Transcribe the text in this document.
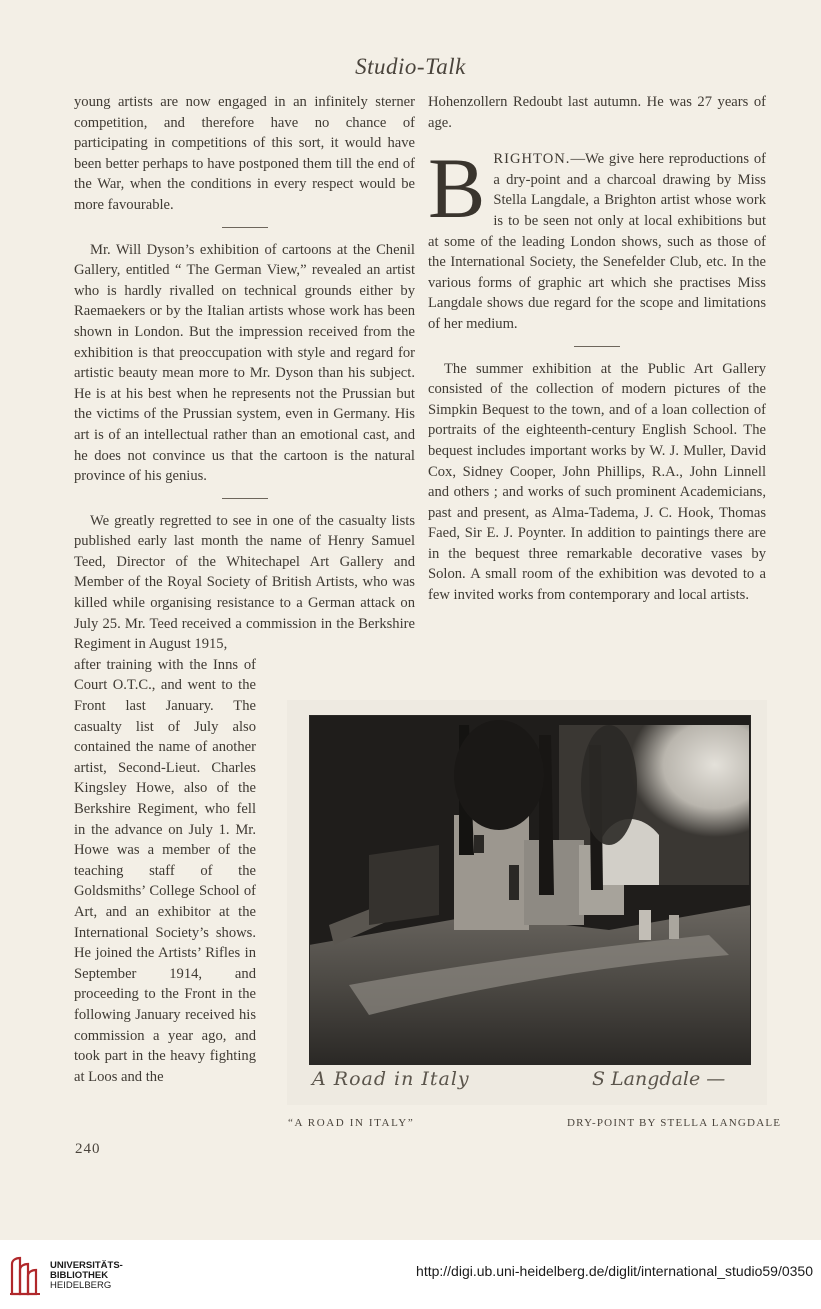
Studio-Talk

young artists are now engaged in an infinitely sterner competition, and therefore have no chance of participating in competitions of this sort, it would have been better perhaps to have postponed them till the end of the War, when the conditions in every respect would be more favourable.

Mr. Will Dyson’s exhibition of cartoons at the Chenil Gallery, entitled “ The German View,” revealed an artist who is hardly rivalled on technical grounds either by Raemaekers or by the Italian artists whose work has been shown in London. But the impression received from the exhibition is that preoccupation with style and regard for artistic beauty mean more to Mr. Dyson than his subject. He is at his best when he represents not the Prussian but the victims of the Prussian system, even in Germany. His art is of an intellectual rather than an emotional cast, and he does not convince us that the cartoon is the natural province of his genius.

We greatly regretted to see in one of the casualty lists published early last month the name of Henry Samuel Teed, Director of the Whitechapel Art Gallery and Member of the Royal Society of British Artists, who was killed while organising resistance to a German attack on July 25. Mr. Teed received a commission in the Berkshire Regiment in August 1915,

after training with the Inns of Court O.T.C., and went to the Front last January. The casualty list of July also contained the name of another artist, Second-Lieut. Charles Kingsley Howe, also of the Berkshire Regiment, who fell in the advance on July 1. Mr. Howe was a member of the teaching staff of the Goldsmiths’ College School of Art, and an exhibitor at the International Society’s shows. He joined the Artists’ Rifles in September 1914, and proceeding to the Front in the following January received his commission a year ago, and took part in the heavy fighting at Loos and the

Hohenzollern Redoubt last autumn. He was 27 years of age.

B RIGHTON.—We give here reproductions of a dry-point and a charcoal drawing by Miss Stella Langdale, a Brighton artist whose work is to be seen not only at local exhibitions but at some of the leading London shows, such as those of the International Society, the Senefelder Club, etc. In the various forms of graphic art which she practises Miss Langdale shows due regard for the scope and limitations of her medium.

The summer exhibition at the Public Art Gallery consisted of the collection of modern pictures of the Simpkin Bequest to the town, and of a loan collection of portraits of the eighteenth-century English School. The bequest includes important works by W. J. Muller, David Cox, Sidney Cooper, John Phillips, R.A., John Linnell and others ; and works of such prominent Academicians, past and present, as Alma-Tadema, J. C. Hook, Thomas Faed, Sir E. J. Poynter. In addition to paintings there are in the bequest three remarkable decorative vases by Solon. A small room of the exhibition was devoted to a few invited works from contemporary and local artists.

A Road in Italy	S Langdale —
“A ROAD IN ITALY”	DRY-POINT BY STELLA LANGDALE
240
UNIVERSITÄTS-
BIBLIOTHEK
HEIDELBERG
http://digi.ub.uni-heidelberg.de/diglit/international_studio59/0350
